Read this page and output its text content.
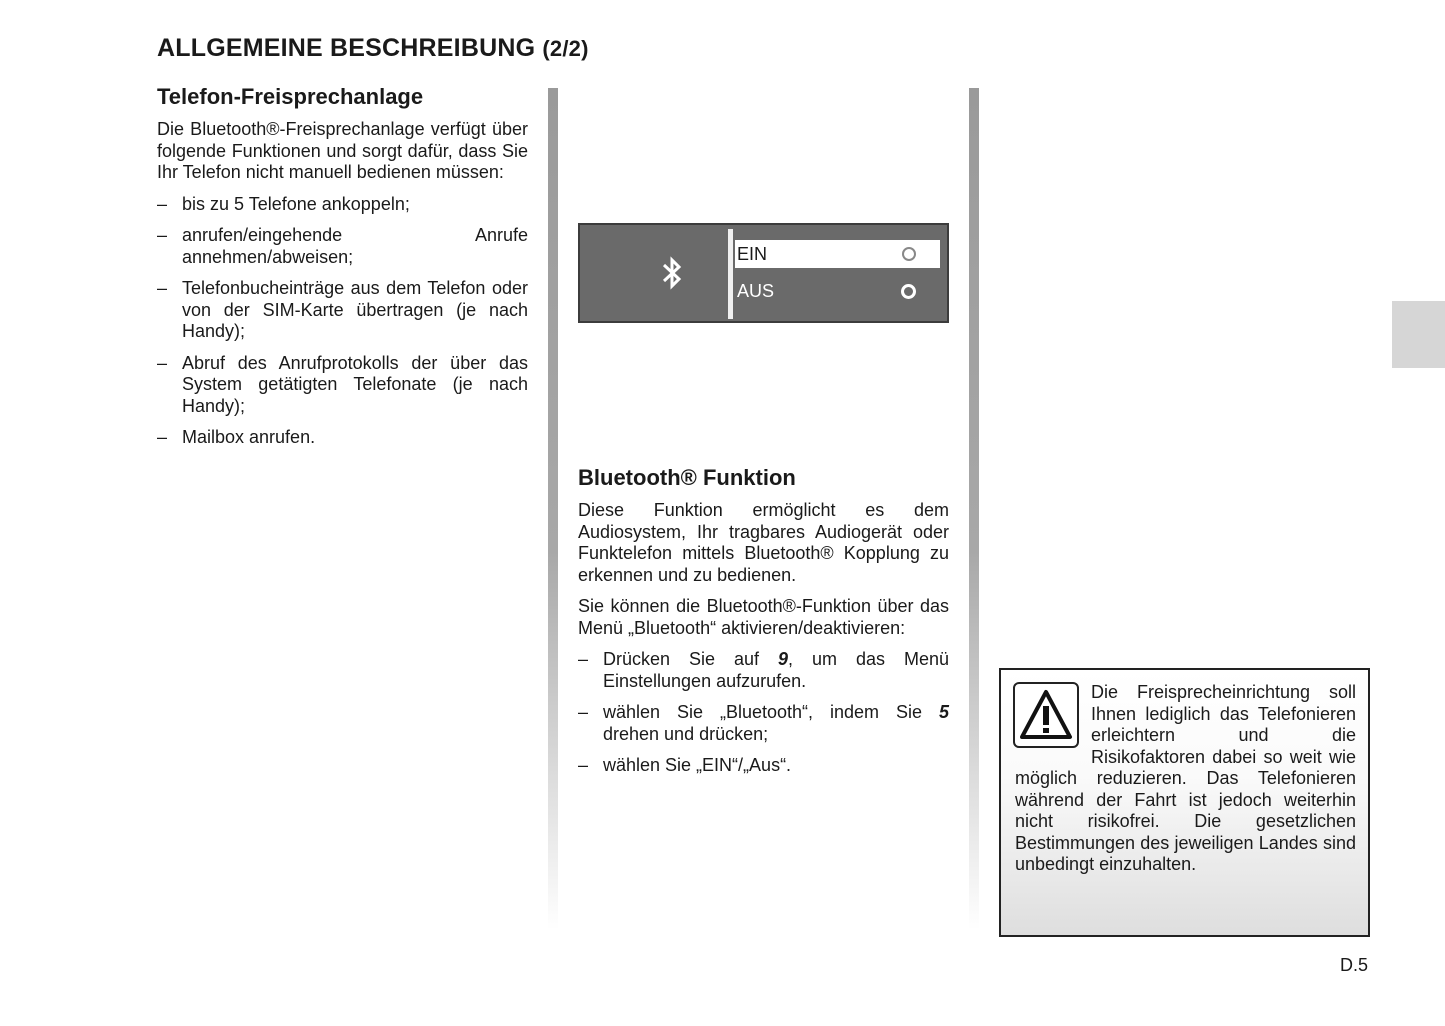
ALLGEMEINE BESCHREIBUNG (2/2)
Telefon-Freisprechanlage

Die Bluetooth®-Freisprechanlage verfügt über folgende Funktionen und sorgt dafür, dass Sie Ihr Telefon nicht manuell bedienen müssen:

– bis zu 5 Telefone ankoppeln;
– anrufen/eingehende Anrufe annehmen/abweisen;
– Telefonbucheinträge aus dem Telefon oder von der SIM-Karte übertragen (je nach Handy);
– Abruf des Anrufprotokolls der über das System getätigten Telefonate (je nach Handy);
– Mailbox anrufen.
EIN
AUS
Bluetooth® Funktion

Diese Funktion ermöglicht es dem Audiosystem, Ihr tragbares Audiogerät oder Funktelefon mittels Bluetooth® Kopplung zu erkennen und zu bedienen.

Sie können die Bluetooth®-Funktion über das Menü „Bluetooth“ aktivieren/deaktivieren:

– Drücken Sie auf 9, um das Menü Einstellungen aufzurufen.
– wählen Sie „Bluetooth“, indem Sie 5 drehen und drücken;
– wählen Sie „EIN“/„Aus“.
Die Freisprecheinrichtung soll Ihnen lediglich das Telefonieren erleichtern und die Risikofaktoren dabei so weit wie möglich reduzieren. Das Telefonieren während der Fahrt ist jedoch weiterhin nicht risikofrei. Die gesetzlichen Bestimmungen des jeweiligen Landes sind unbedingt einzuhalten.
D.5
